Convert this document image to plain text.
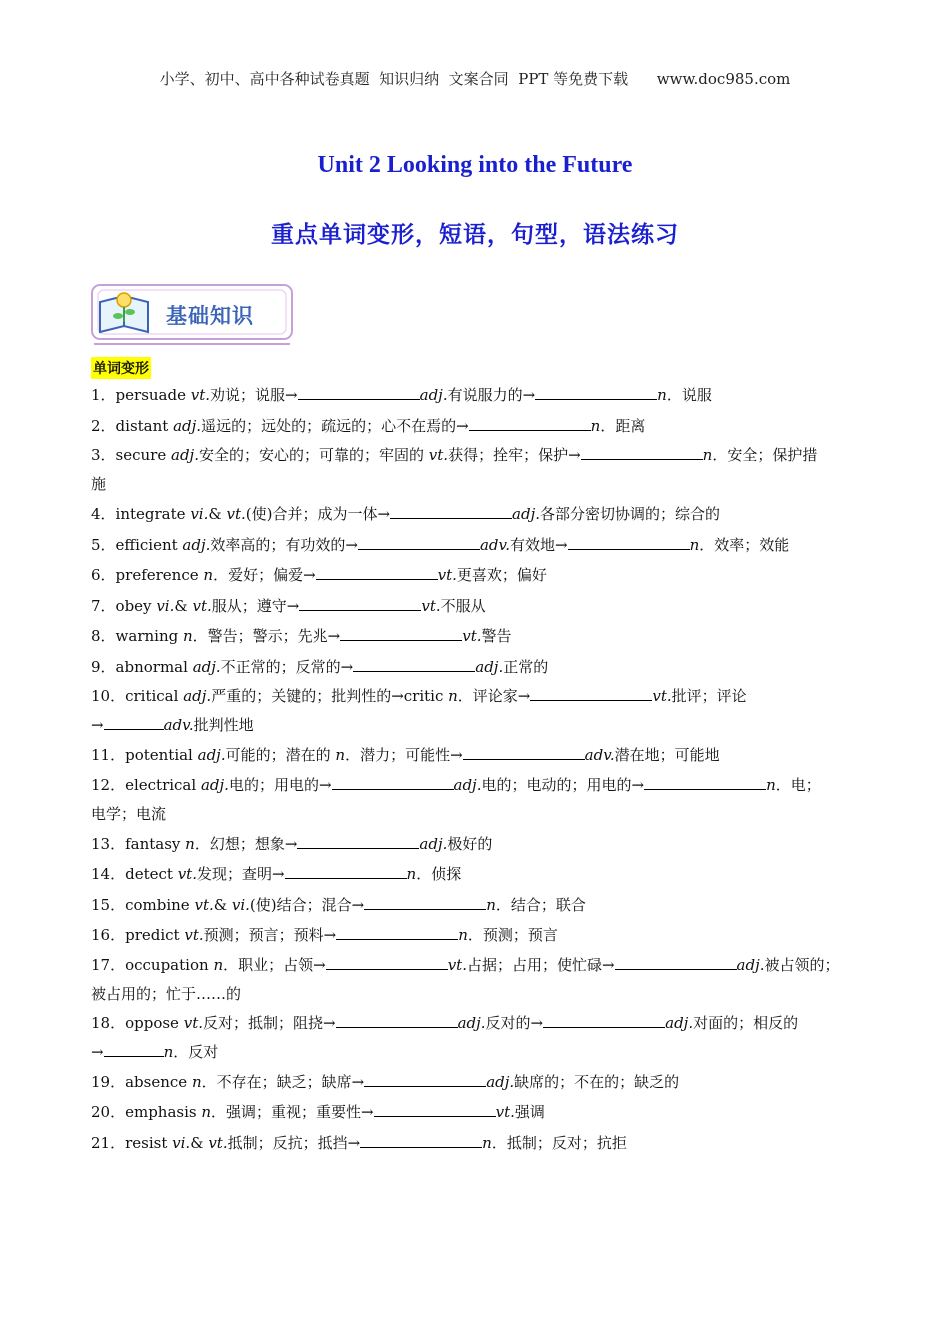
小学、初中、高中各种试卷真题  知识归纳  文案合同  PPT 等免费下载      www.doc985.com
Unit 2 Looking into the Future
重点单词变形，短语，句型，语法练习
基础知识
单词变形
1．persuade vt.劝说；说服→	adj.有说服力的→	n．说服
2．distant adj.遥远的；远处的；疏远的；心不在焉的→	n．距离
3．secure adj.安全的；安心的；可靠的；牢固的 vt.获得；拴牢；保护→	n．安全；保护措
施
4．integrate vi.& vt.(使)合并；成为一体→	adj.各部分密切协调的；综合的
5．efficient adj.效率高的；有功效的→	adv.有效地→	n．效率；效能
6．preference n．爱好；偏爱→	vt.更喜欢；偏好
7．obey vi.& vt.服从；遵守→	vt.不服从
8．warning n．警告；警示；先兆→	vt.警告
9．abnormal adj.不正常的；反常的→	adj.正常的
10．critical adj.严重的；关键的；批判性的→critic n．评论家→	vt.批评；评论
→	adv.批判性地
11．potential adj.可能的；潜在的 n．潜力；可能性→	adv.潜在地；可能地
12．electrical adj.电的；用电的→	adj.电的；电动的；用电的→	n．电；
电学；电流
13．fantasy n．幻想；想象→	adj.极好的
14．detect vt.发现；查明→	n．侦探
15．combine vt.& vi.(使)结合；混合→	n．结合；联合
16．predict vt.预测；预言；预料→	n．预测；预言
17．occupation n．职业；占领→	vt.占据；占用；使忙碌→	adj.被占领的；
被占用的；忙于……的
18．oppose vt.反对；抵制；阻挠→	adj.反对的→	adj.对面的；相反的
→	n．反对
19．absence n．不存在；缺乏；缺席→	adj.缺席的；不在的；缺乏的
20．emphasis n．强调；重视；重要性→	vt.强调
21．resist vi.& vt.抵制；反抗；抵挡→	n．抵制；反对；抗拒
